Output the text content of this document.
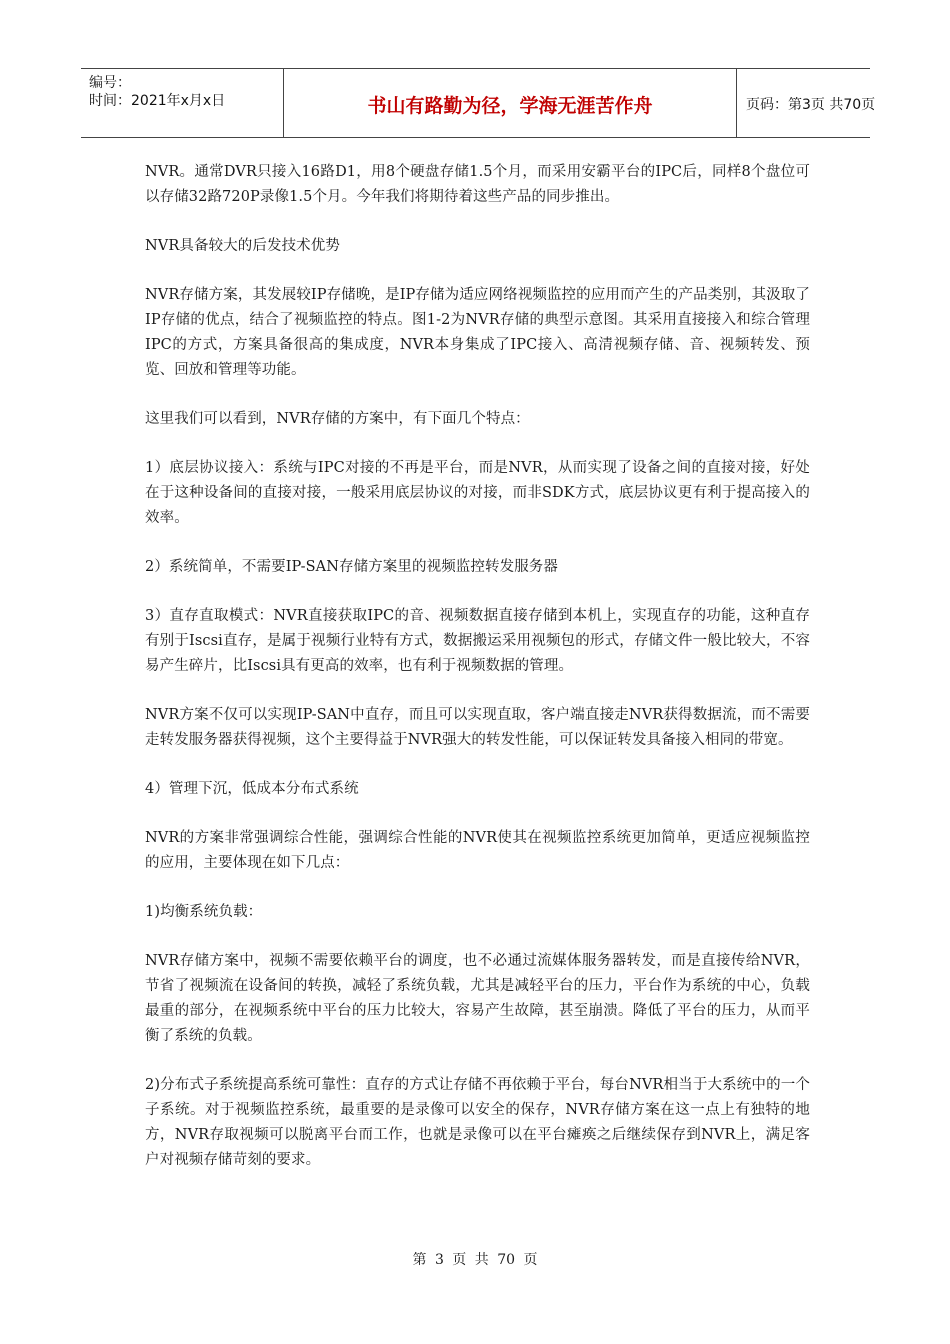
编号：
时间：2021年x月x日	书山有路勤为径，学海无涯苦作舟	页码：第3页 共70页

NVR。通常DVR只接入16路D1，用8个硬盘存储1.5个月，而采用安霸平台的IPC后，同样8个盘位可以存储32路720P录像1.5个月。今年我们将期待着这些产品的同步推出。

NVR具备较大的后发技术优势

NVR存储方案，其发展较IP存储晚，是IP存储为适应网络视频监控的应用而产生的产品类别，其汲取了IP存储的优点，结合了视频监控的特点。图1-2为NVR存储的典型示意图。其采用直接接入和综合管理IPC的方式，方案具备很高的集成度，NVR本身集成了IPC接入、高清视频存储、音、视频转发、预览、回放和管理等功能。

这里我们可以看到，NVR存储的方案中，有下面几个特点：

1）底层协议接入：系统与IPC对接的不再是平台，而是NVR，从而实现了设备之间的直接对接，好处在于这种设备间的直接对接，一般采用底层协议的对接，而非SDK方式，底层协议更有利于提高接入的效率。

2）系统简单，不需要IP-SAN存储方案里的视频监控转发服务器

3）直存直取模式：NVR直接获取IPC的音、视频数据直接存储到本机上，实现直存的功能，这种直存有别于Iscsi直存，是属于视频行业特有方式，数据搬运采用视频包的形式，存储文件一般比较大，不容易产生碎片，比Iscsi具有更高的效率，也有利于视频数据的管理。

NVR方案不仅可以实现IP-SAN中直存，而且可以实现直取，客户端直接走NVR获得数据流，而不需要走转发服务器获得视频，这个主要得益于NVR强大的转发性能，可以保证转发具备接入相同的带宽。

4）管理下沉，低成本分布式系统

NVR的方案非常强调综合性能，强调综合性能的NVR使其在视频监控系统更加简单，更适应视频监控的应用，主要体现在如下几点：

1)均衡系统负载：

NVR存储方案中，视频不需要依赖平台的调度，也不必通过流媒体服务器转发，而是直接传给NVR，节省了视频流在设备间的转换，减轻了系统负载，尤其是减轻平台的压力，平台作为系统的中心，负载最重的部分，在视频系统中平台的压力比较大，容易产生故障，甚至崩溃。降低了平台的压力，从而平衡了系统的负载。

2)分布式子系统提高系统可靠性：直存的方式让存储不再依赖于平台，每台NVR相当于大系统中的一个子系统。对于视频监控系统，最重要的是录像可以安全的保存，NVR存储方案在这一点上有独特的地方，NVR存取视频可以脱离平台而工作，也就是录像可以在平台瘫痪之后继续保存到NVR上，满足客户对视频存储苛刻的要求。

第 3 页 共 70 页
